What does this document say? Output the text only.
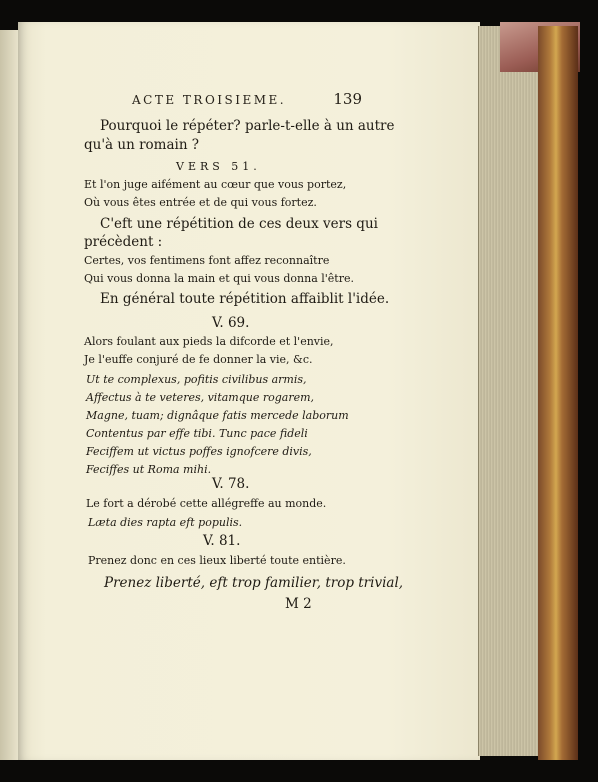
ACTE TROISIEME.	139
Pourquoi le répéter? parle-t-elle à un autre
qu'à un romain ?
VERS 51.
Et l'on juge aifément au cœur que vous portez,
Où vous êtes entrée et de qui vous fortez.
C'eft une répétition de ces deux vers qui
précèdent :
Certes, vos fentimens font affez reconnaître
Qui vous donna la main et qui vous donna l'être.
En général toute répétition affaiblit l'idée.
V. 69.
Alors foulant aux pieds la difcorde et l'envie,
Je l'euffe conjuré de fe donner la vie, &c.
Ut te complexus, pofitis civilibus armis,
Affectus à te veteres, vitamque rogarem,
Magne, tuam; dignâque fatis mercede laborum
Contentus par effe tibi. Tunc pace fideli
Feciffem ut victus poffes ignofcere divis,
Feciffes ut Roma mihi.
V. 78.
Le fort a dérobé cette allégreffe au monde.
Læta dies rapta eft populis.
V. 81.
Prenez donc en ces lieux liberté toute entière.
Prenez liberté, eft trop familier, trop trivial,
M 2
